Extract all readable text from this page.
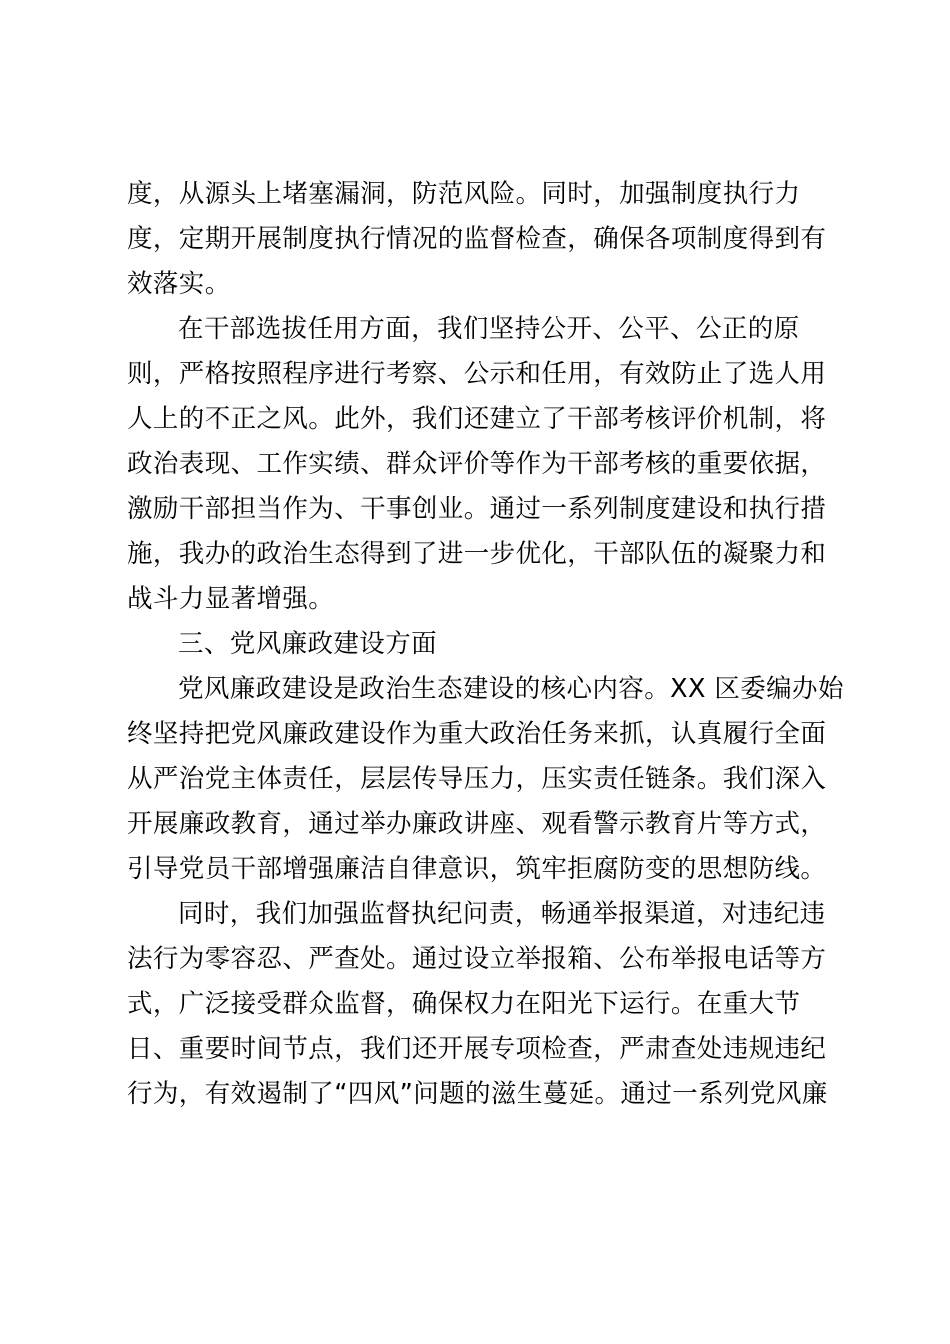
度，从源头上堵塞漏洞，防范风险。同时，加强制度执行力
度，定期开展制度执行情况的监督检查，确保各项制度得到有
效落实。
在干部选拔任用方面，我们坚持公开、公平、公正的原
则，严格按照程序进行考察、公示和任用，有效防止了选人用
人上的不正之风。此外，我们还建立了干部考核评价机制，将
政治表现、工作实绩、群众评价等作为干部考核的重要依据，
激励干部担当作为、干事创业。通过一系列制度建设和执行措
施，我办的政治生态得到了进一步优化，干部队伍的凝聚力和
战斗力显著增强。
三、党风廉政建设方面
党风廉政建设是政治生态建设的核心内容。XX 区委编办始
终坚持把党风廉政建设作为重大政治任务来抓，认真履行全面
从严治党主体责任，层层传导压力，压实责任链条。我们深入
开展廉政教育，通过举办廉政讲座、观看警示教育片等方式，
引导党员干部增强廉洁自律意识，筑牢拒腐防变的思想防线。
同时，我们加强监督执纪问责，畅通举报渠道，对违纪违
法行为零容忍、严查处。通过设立举报箱、公布举报电话等方
式，广泛接受群众监督，确保权力在阳光下运行。在重大节
日、重要时间节点，我们还开展专项检查，严肃查处违规违纪
行为，有效遏制了“四风”问题的滋生蔓延。通过一系列党风廉
